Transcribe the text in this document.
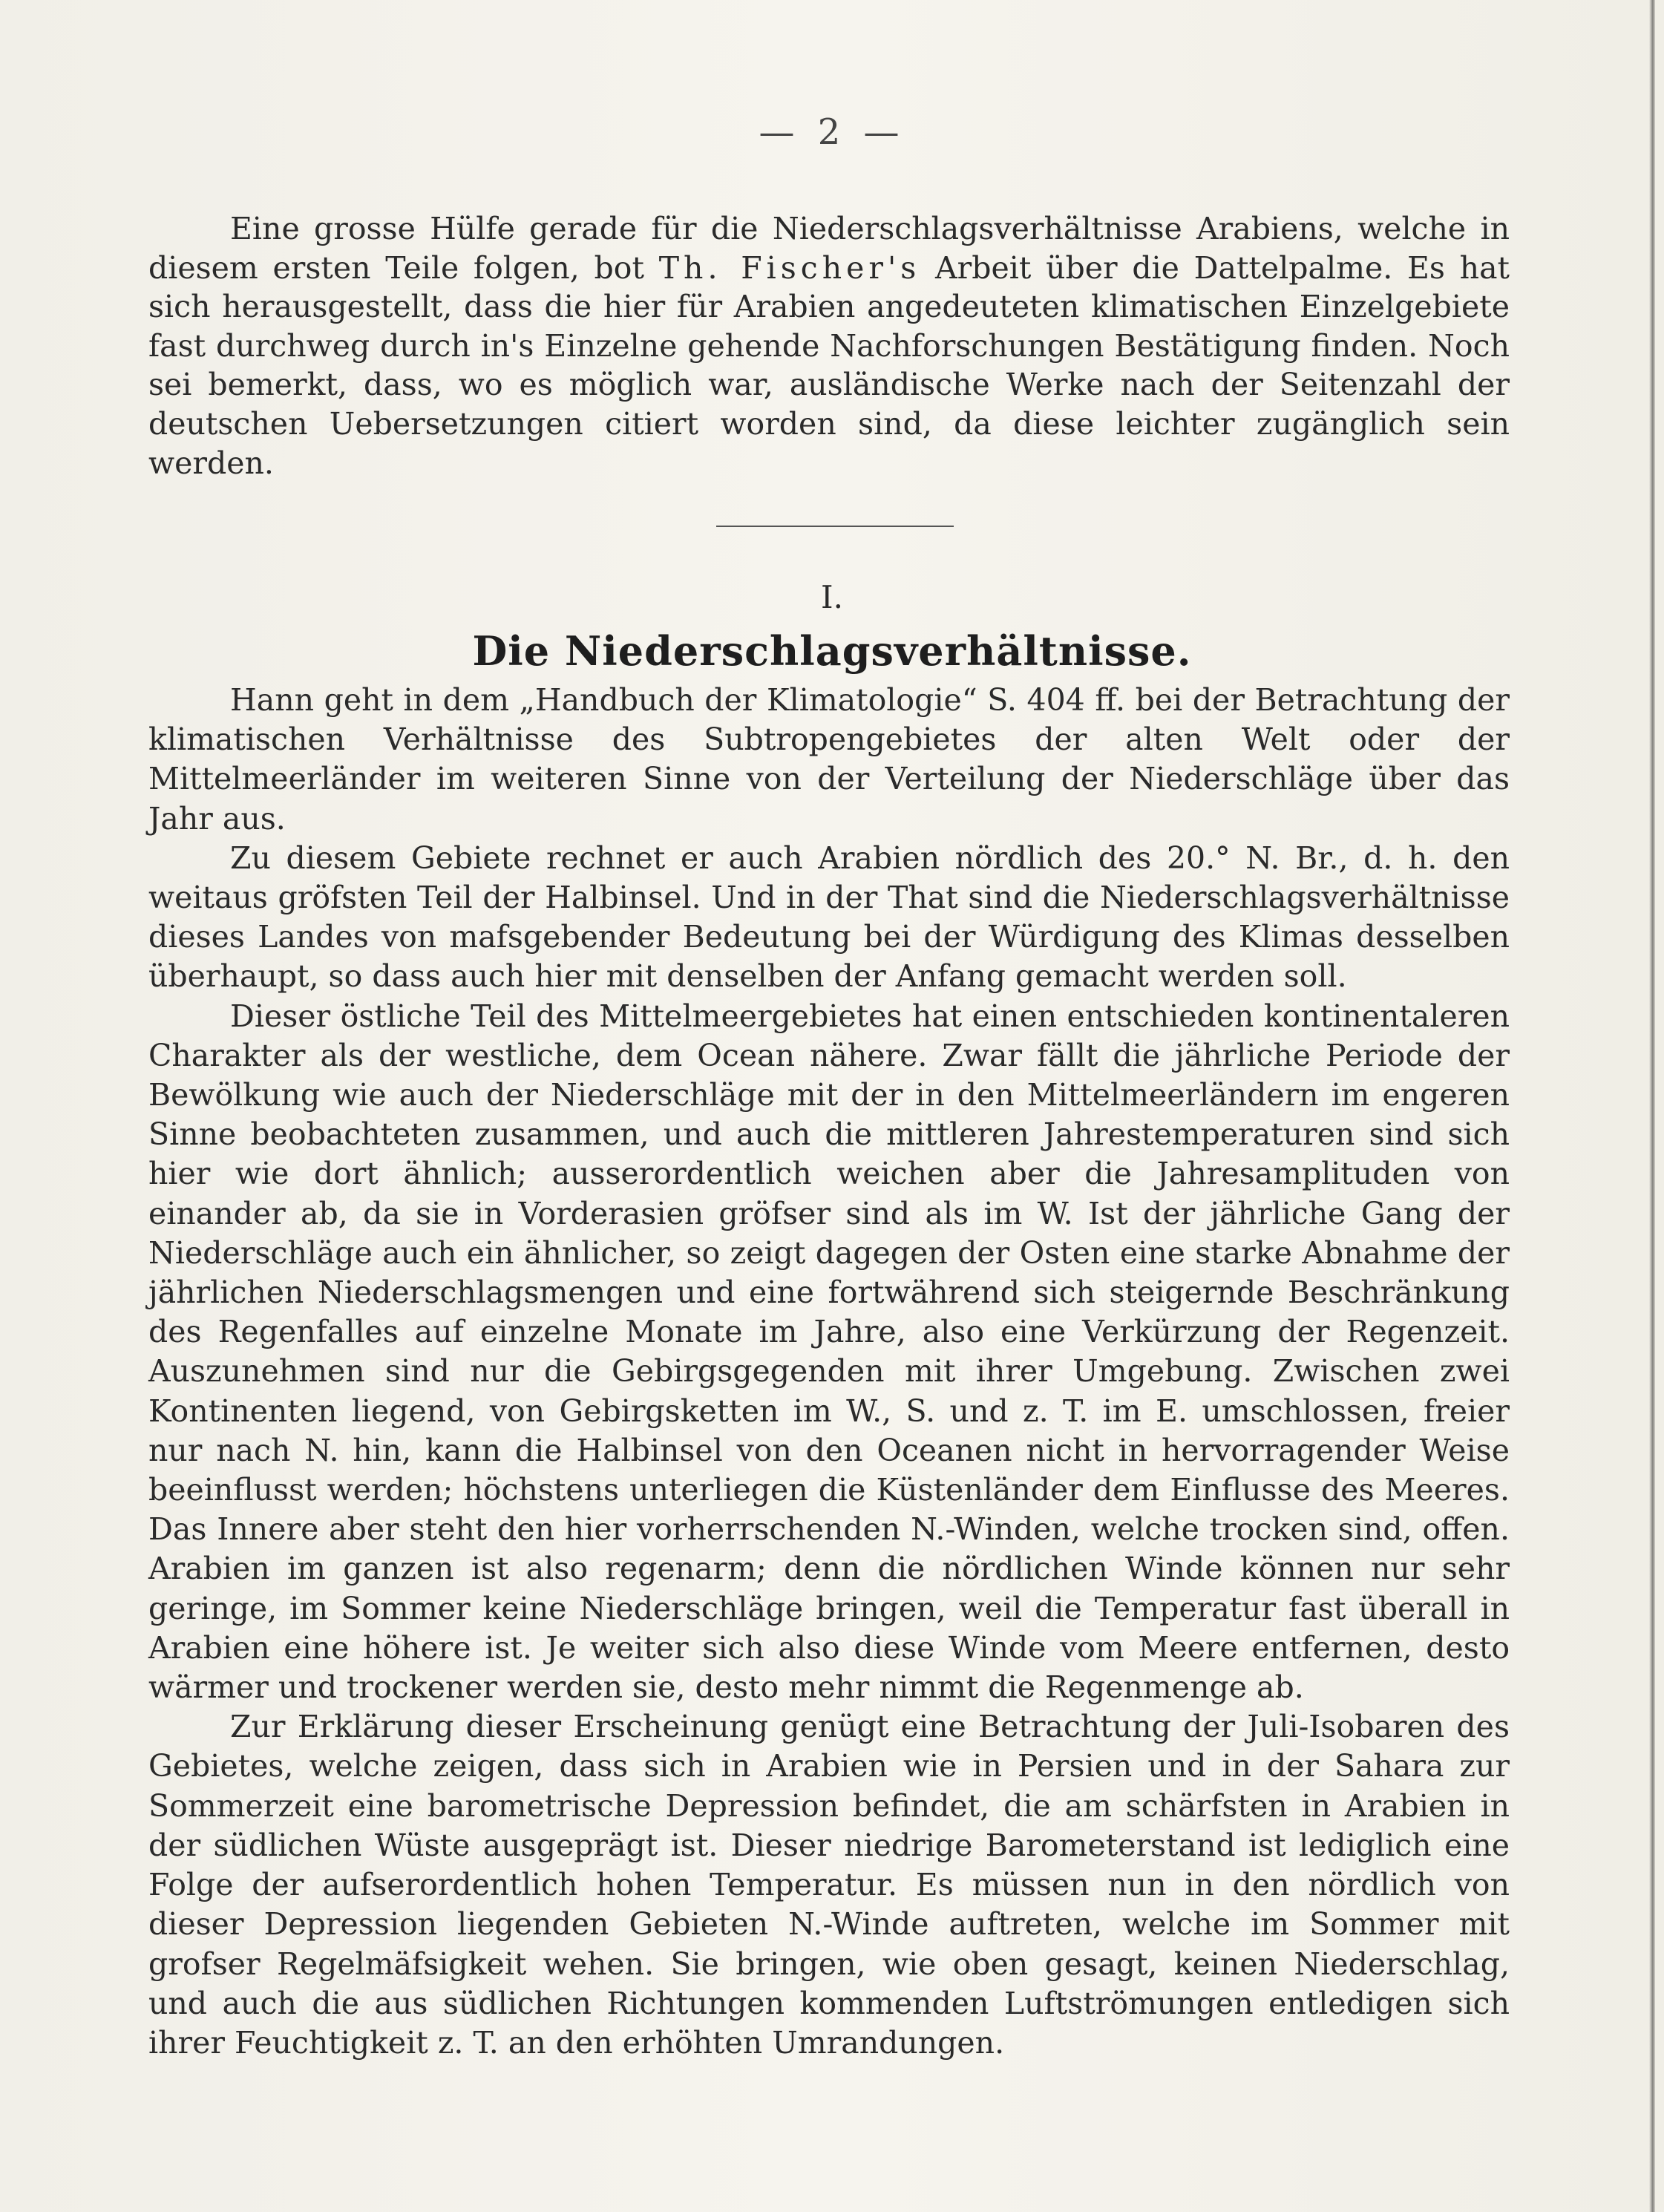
— 2 —

Eine grosse Hülfe gerade für die Niederschlagsverhältnisse Arabiens, welche in diesem ersten Teile folgen, bot Th. Fischer's Arbeit über die Dattelpalme. Es hat sich herausgestellt, dass die hier für Arabien angedeuteten klimatischen Einzelgebiete fast durchweg durch in's Einzelne gehende Nachforschungen Bestätigung finden. Noch sei bemerkt, dass, wo es möglich war, ausländische Werke nach der Seitenzahl der deutschen Uebersetzungen citiert worden sind, da diese leichter zugänglich sein werden.

I.
Die Niederschlagsverhältnisse.

Hann geht in dem „Handbuch der Klimatologie“ S. 404 ff. bei der Betrachtung der klimatischen Verhältnisse des Subtropengebietes der alten Welt oder der Mittelmeerländer im weiteren Sinne von der Verteilung der Niederschläge über das Jahr aus.

Zu diesem Gebiete rechnet er auch Arabien nördlich des 20.° N. Br., d. h. den weitaus gröfsten Teil der Halbinsel. Und in der That sind die Niederschlagsverhältnisse dieses Landes von mafsgebender Bedeutung bei der Würdigung des Klimas desselben überhaupt, so dass auch hier mit denselben der Anfang gemacht werden soll.

Dieser östliche Teil des Mittelmeergebietes hat einen entschieden kontinentaleren Charakter als der westliche, dem Ocean nähere. Zwar fällt die jährliche Periode der Bewölkung wie auch der Niederschläge mit der in den Mittelmeerländern im engeren Sinne beobachteten zusammen, und auch die mittleren Jahrestemperaturen sind sich hier wie dort ähnlich; ausserordentlich weichen aber die Jahresamplituden von einander ab, da sie in Vorderasien gröfser sind als im W. Ist der jährliche Gang der Niederschläge auch ein ähnlicher, so zeigt dagegen der Osten eine starke Abnahme der jährlichen Niederschlagsmengen und eine fortwährend sich steigernde Beschränkung des Regenfalles auf einzelne Monate im Jahre, also eine Verkürzung der Regenzeit. Auszunehmen sind nur die Gebirgsgegenden mit ihrer Umgebung. Zwischen zwei Kontinenten liegend, von Gebirgsketten im W., S. und z. T. im E. umschlossen, freier nur nach N. hin, kann die Halbinsel von den Oceanen nicht in hervorragender Weise beeinflusst werden; höchstens unterliegen die Küstenländer dem Einflusse des Meeres. Das Innere aber steht den hier vorherrschenden N.-Winden, welche trocken sind, offen. Arabien im ganzen ist also regenarm; denn die nördlichen Winde können nur sehr geringe, im Sommer keine Niederschläge bringen, weil die Temperatur fast überall in Arabien eine höhere ist. Je weiter sich also diese Winde vom Meere entfernen, desto wärmer und trockener werden sie, desto mehr nimmt die Regenmenge ab.

Zur Erklärung dieser Erscheinung genügt eine Betrachtung der Juli-Isobaren des Gebietes, welche zeigen, dass sich in Arabien wie in Persien und in der Sahara zur Sommerzeit eine barometrische Depression befindet, die am schärfsten in Arabien in der südlichen Wüste ausgeprägt ist. Dieser niedrige Barometerstand ist lediglich eine Folge der aufserordentlich hohen Temperatur. Es müssen nun in den nördlich von dieser Depression liegenden Gebieten N.-Winde auftreten, welche im Sommer mit grofser Regelmäfsigkeit wehen. Sie bringen, wie oben gesagt, keinen Niederschlag, und auch die aus südlichen Richtungen kommenden Luftströmungen entledigen sich ihrer Feuchtigkeit z. T. an den erhöhten Umrandungen.
